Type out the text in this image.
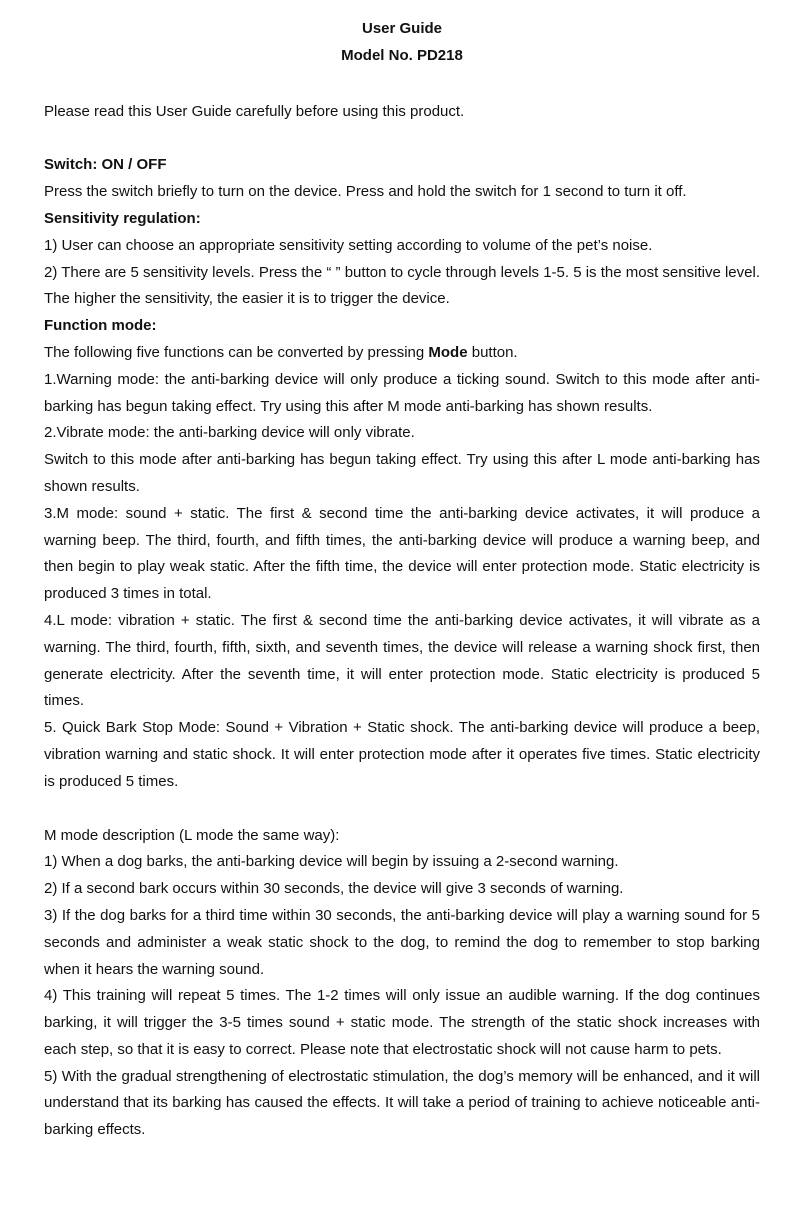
User Guide
Model No. PD218

Please read this User Guide carefully before using this product.

Switch: ON / OFF

Press the switch briefly to turn on the device. Press and hold the switch for 1 second to turn it off.

Sensitivity regulation:

1) User can choose an appropriate sensitivity setting according to volume of the pet’s noise.

2) There are 5 sensitivity levels. Press the “ ” button to cycle through levels 1-5. 5 is the most sensitive level. The higher the sensitivity, the easier it is to trigger the device.

Function mode:

The following five functions can be converted by pressing Mode button.

1.Warning mode: the anti-barking device will only produce a ticking sound. Switch to this mode after anti-barking has begun taking effect. Try using this after M mode anti-barking has shown results.

2.Vibrate mode: the anti-barking device will only vibrate.

Switch to this mode after anti-barking has begun taking effect. Try using this after L mode anti-barking has shown results.

3.M mode: sound + static. The first & second time the anti-barking device activates, it will produce a warning beep. The third, fourth, and fifth times, the anti-barking device will produce a warning beep, and then begin to play weak static. After the fifth time, the device will enter protection mode. Static electricity is produced 3 times in total.

4.L mode: vibration + static. The first & second time the anti-barking device activates, it will vibrate as a warning. The third, fourth, fifth, sixth, and seventh times, the device will release a warning shock first, then generate electricity. After the seventh time, it will enter protection mode. Static electricity is produced 5 times.

5. Quick Bark Stop Mode: Sound + Vibration + Static shock. The anti-barking device will produce a beep, vibration warning and static shock. It will enter protection mode after it operates five times. Static electricity is produced 5 times.

M mode description (L mode the same way):

1) When a dog barks, the anti-barking device will begin by issuing a 2-second warning.

2) If a second bark occurs within 30 seconds, the device will give 3 seconds of warning.

3) If the dog barks for a third time within 30 seconds, the anti-barking device will play a warning sound for 5 seconds and administer a weak static shock to the dog, to remind the dog to remember to stop barking when it hears the warning sound.

4) This training will repeat 5 times. The 1-2 times will only issue an audible warning. If the dog continues barking, it will trigger the 3-5 times sound + static mode. The strength of the static shock increases with each step, so that it is easy to correct. Please note that electrostatic shock will not cause harm to pets.

5) With the gradual strengthening of electrostatic stimulation, the dog’s memory will be enhanced, and it will understand that its barking has caused the effects. It will take a period of training to achieve noticeable anti-barking effects.
